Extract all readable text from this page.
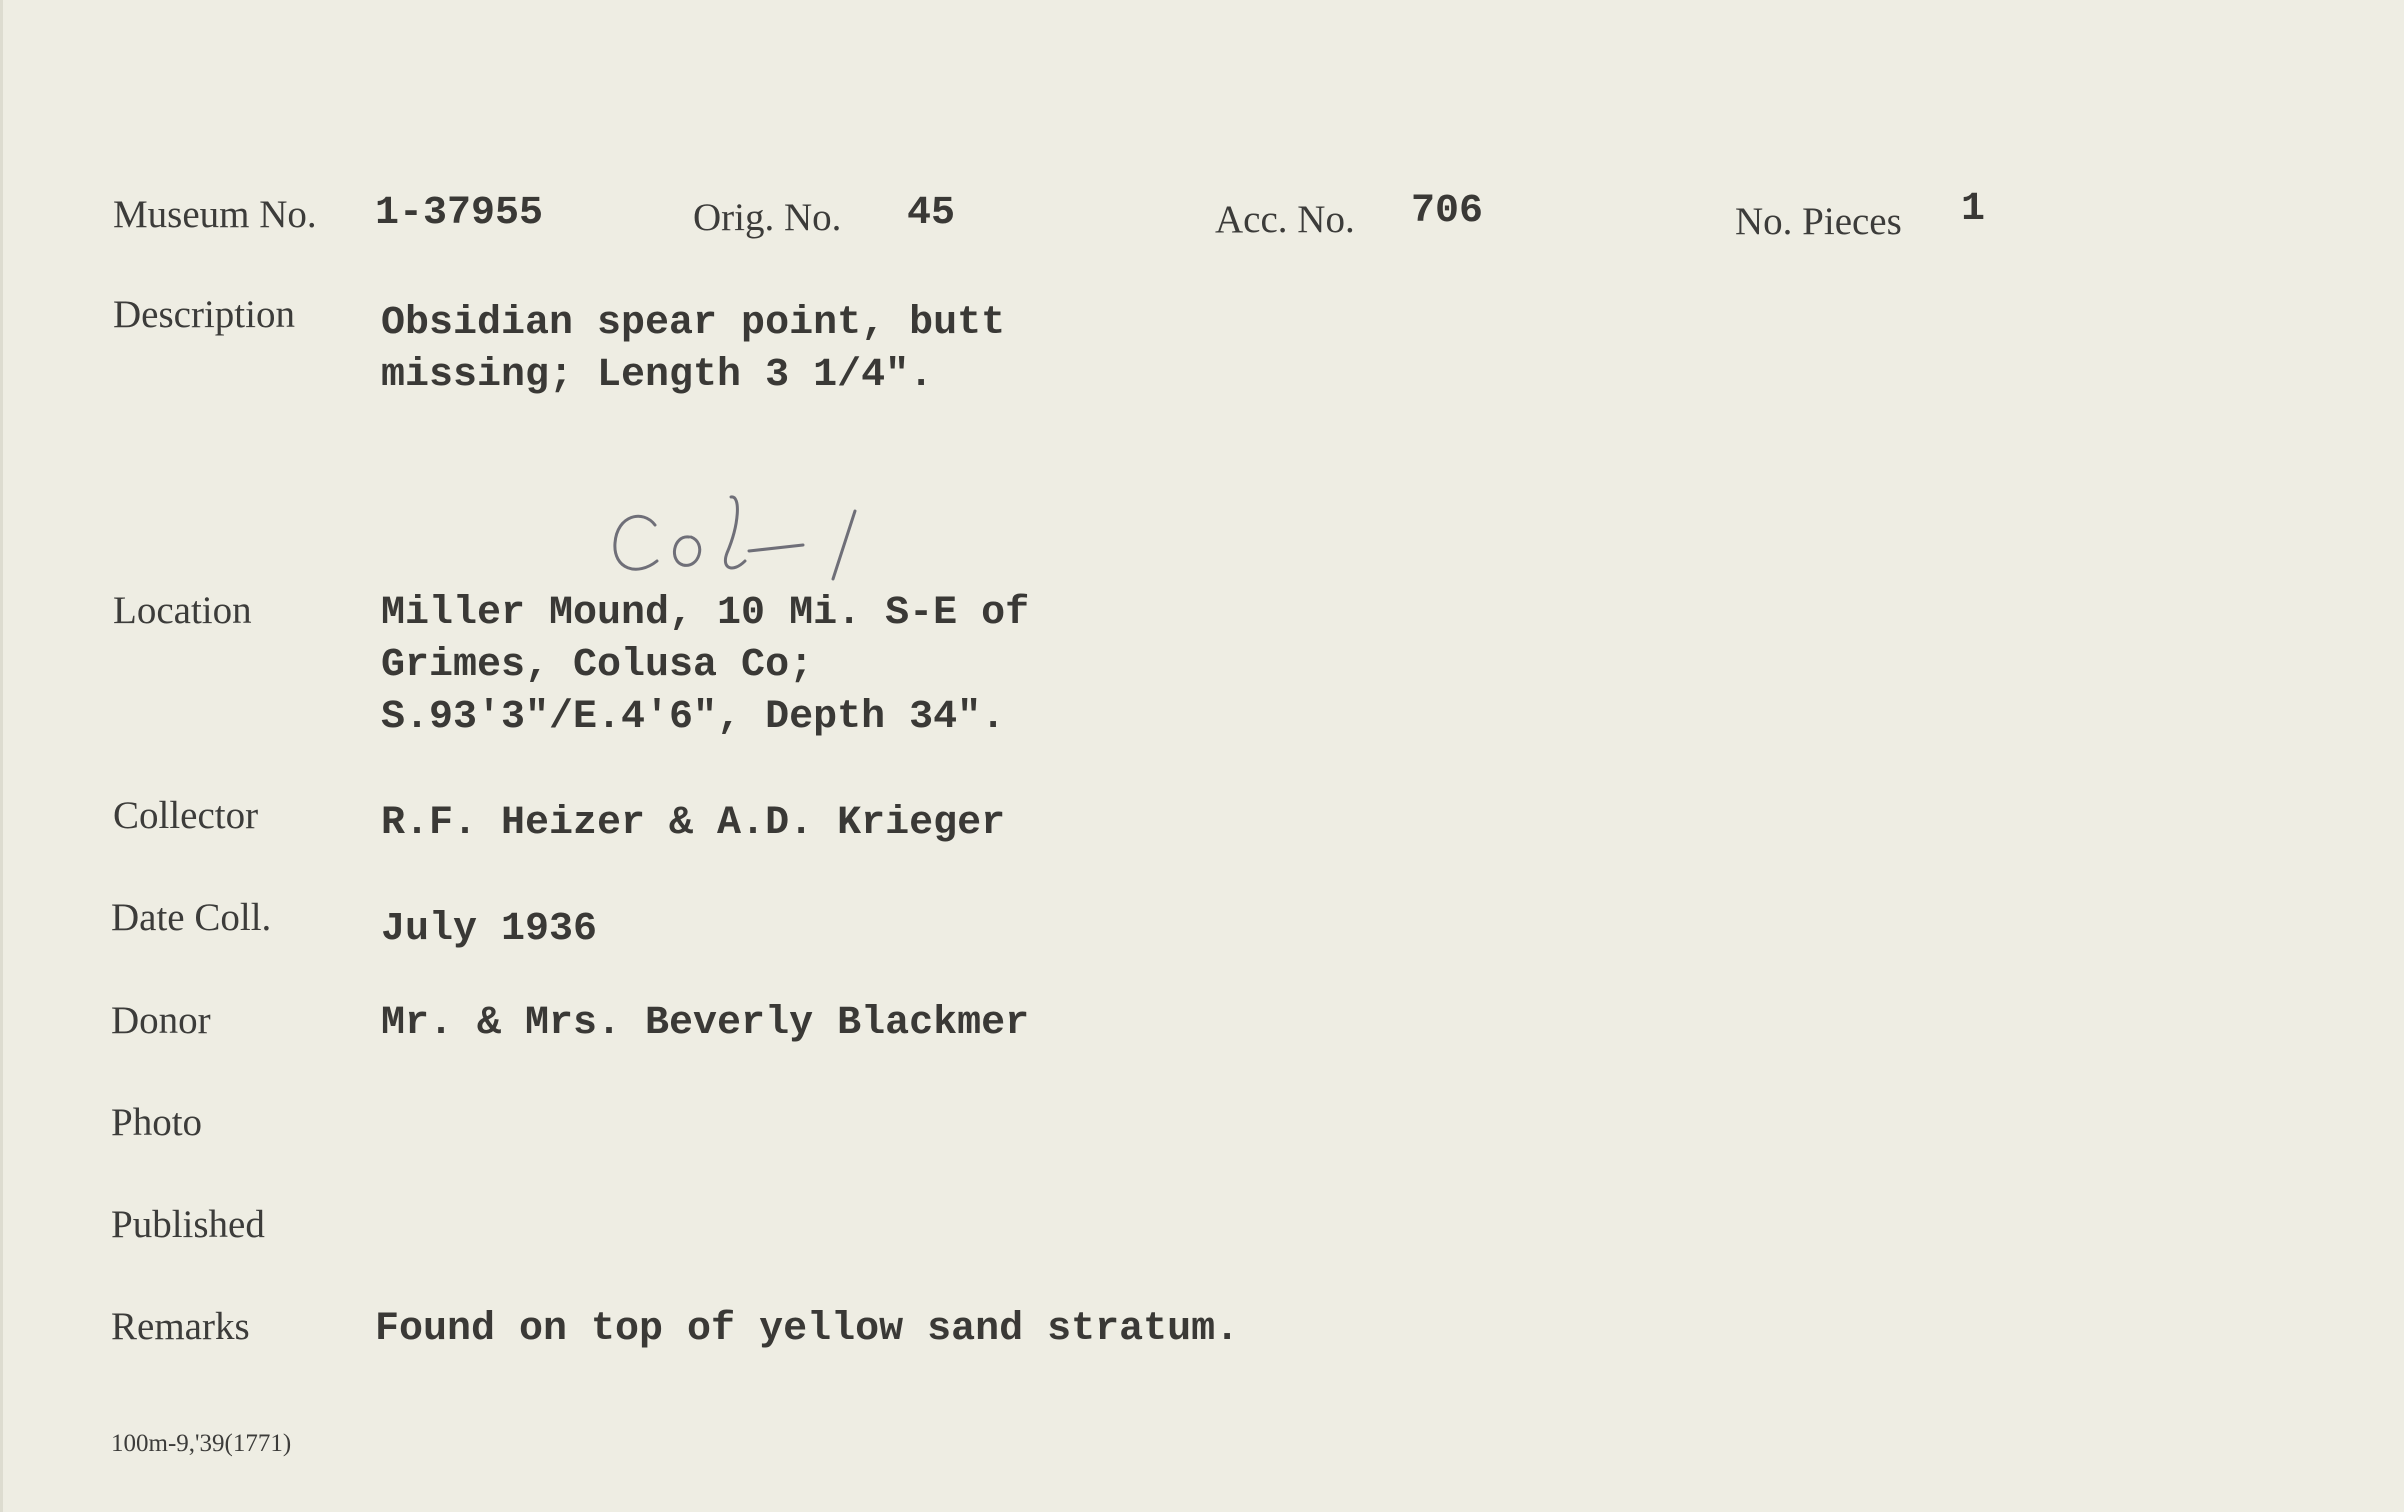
Museum No. 1-37955	Orig. No. 45	Acc. No. 706	No. Pieces 1
Description Obsidian spear point, butt
missing; Length 3 1/4".
Location	Miller Mound, 10 Mi. S-E of
Grimes, Colusa Co;
S.93'3"/E.4'6", Depth 34".
Collector	R.F. Heizer & A.D. Krieger
Date Coll.	July 1936
Donor	Mr. & Mrs. Beverly Blackmer
Photo
Published
Remarks	Found on top of yellow sand stratum.
100m-9,'39(1771)
